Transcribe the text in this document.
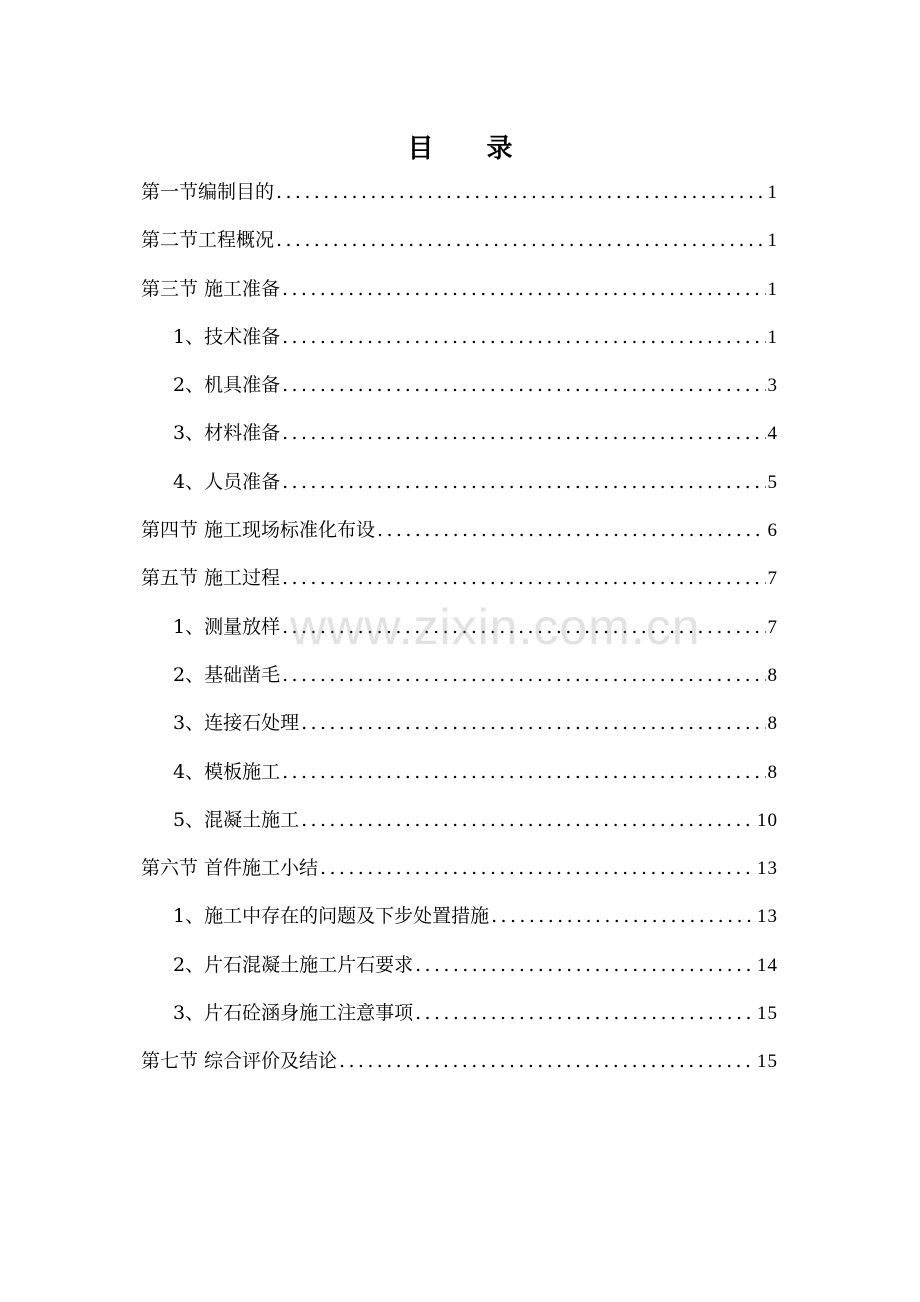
目 录
第一节编制目的 .....	1
第二节工程概况 .....	1
第三节 施工准备 .....	1
1、技术准备 .....	1
2、机具准备 .....	3
3、材料准备 .....	4
4、人员准备 .....	5
第四节 施工现场标准化布设 .....	6
第五节 施工过程 .....	7
1、测量放样 .....	7
2、基础凿毛 .....	8
3、连接石处理 .....	8
4、模板施工 .....	8
5、混凝土施工 .....	10
第六节 首件施工小结 .....	13
1、施工中存在的问题及下步处置措施 .....	13
2、片石混凝土施工片石要求 .....	14
3、片石砼涵身施工注意事项 .....	15
第七节 综合评价及结论 .....	15
www.zixin.com.cn
